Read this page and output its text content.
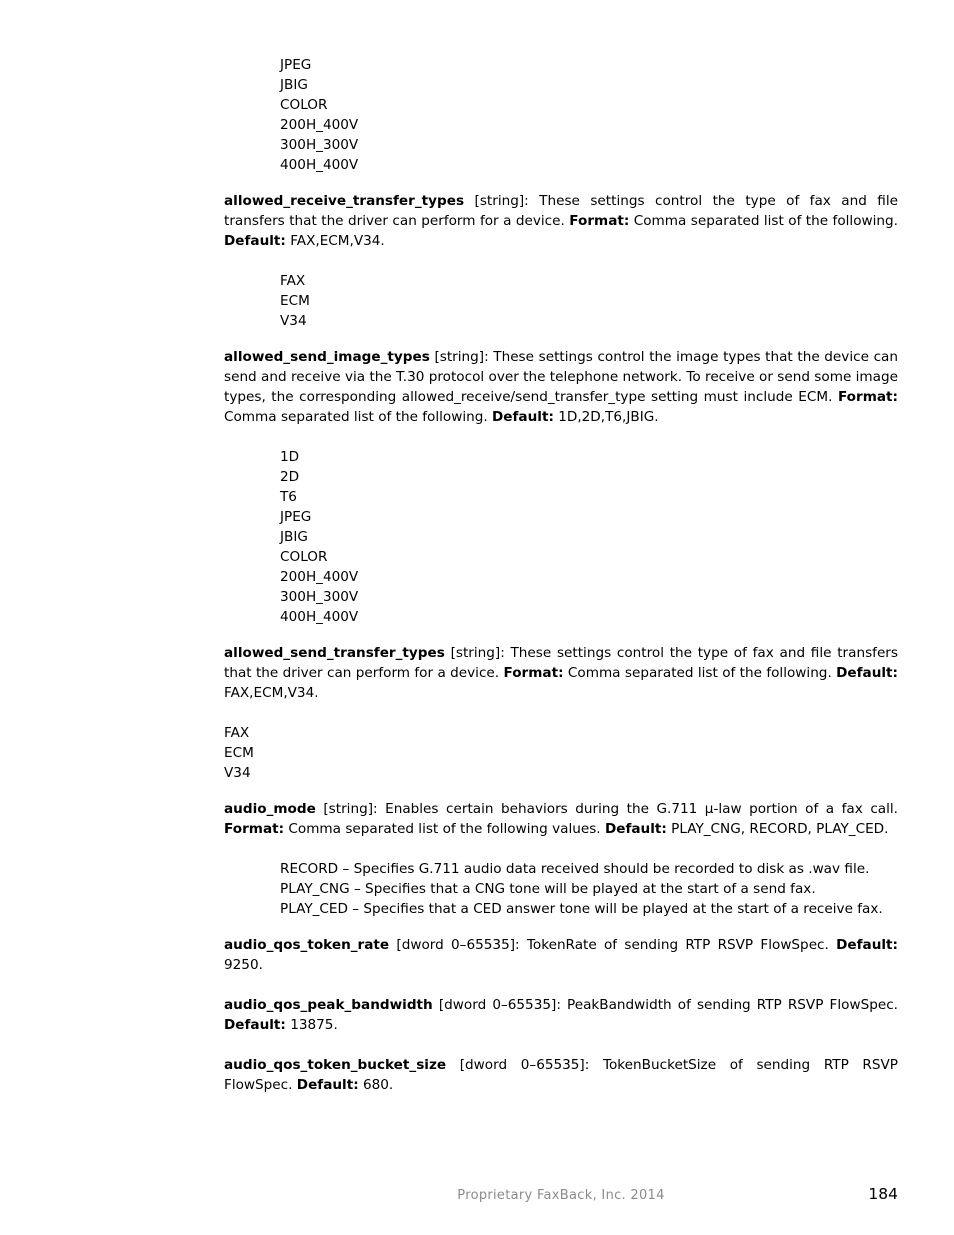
JPEG
JBIG
COLOR
200H_400V
300H_300V
400H_400V

allowed_receive_transfer_types [string]: These settings control the type of fax and file transfers that the driver can perform for a device. Format: Comma separated list of the following. Default: FAX,ECM,V34.

FAX
ECM
V34

allowed_send_image_types [string]: These settings control the image types that the device can send and receive via the T.30 protocol over the telephone network. To receive or send some image types, the corresponding allowed_receive/send_transfer_type setting must include ECM. Format: Comma separated list of the following. Default: 1D,2D,T6,JBIG.

1D
2D
T6
JPEG
JBIG
COLOR
200H_400V
300H_300V
400H_400V

allowed_send_transfer_types [string]: These settings control the type of fax and file transfers that the driver can perform for a device. Format: Comma separated list of the following. Default: FAX,ECM,V34.

FAX
ECM
V34

audio_mode [string]: Enables certain behaviors during the G.711 µ-law portion of a fax call. Format: Comma separated list of the following values. Default: PLAY_CNG, RECORD, PLAY_CED.

RECORD – Specifies G.711 audio data received should be recorded to disk as .wav file.
PLAY_CNG – Specifies that a CNG tone will be played at the start of a send fax.
PLAY_CED – Specifies that a CED answer tone will be played at the start of a receive fax.

audio_qos_token_rate [dword 0–65535]: TokenRate of sending RTP RSVP FlowSpec. Default: 9250.

audio_qos_peak_bandwidth [dword 0–65535]: PeakBandwidth of sending RTP RSVP FlowSpec. Default: 13875.

audio_qos_token_bucket_size [dword 0–65535]: TokenBucketSize of sending RTP RSVP FlowSpec. Default: 680.

Proprietary FaxBack, Inc. 2014	184
